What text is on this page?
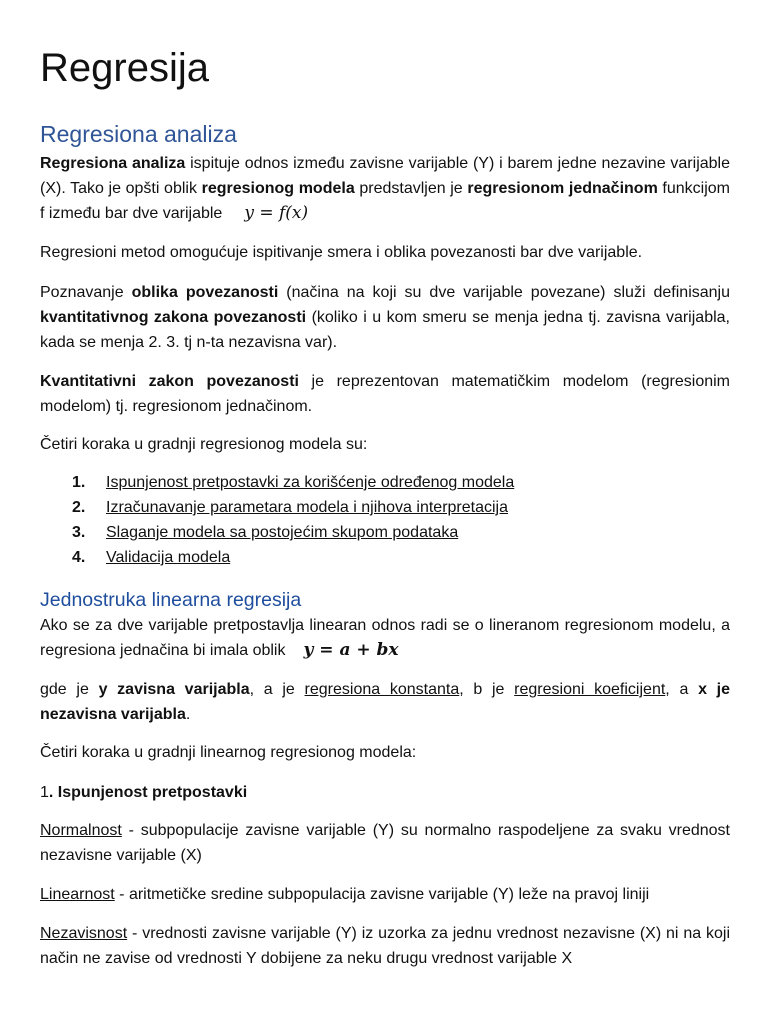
Regresija
Regresiona analiza

Regresiona analiza ispituje odnos između zavisne varijable (Y) i barem jedne nezavine varijable (X). Tako je opšti oblik regresionog modela predstavljen je regresionom jednačinom funkcijom f između bar dve varijable y = f(x)

Regresioni metod omogućuje ispitivanje smera i oblika povezanosti bar dve varijable.

Poznavanje oblika povezanosti (načina na koji su dve varijable povezane) služi definisanju kvantitativnog zakona povezanosti (koliko i u kom smeru se menja jedna tj. zavisna varijabla, kada se menja 2. 3. tj n-ta nezavisna var).

Kvantitativni zakon povezanosti je reprezentovan matematičkim modelom (regresionim modelom) tj. regresionom jednačinom.

Četiri koraka u gradnji regresionog modela su:

1. Ispunjenost pretpostavki za korišćenje određenog modela
2. Izračunavanje parametara modela i njihova interpretacija
3. Slaganje modela sa postojećim skupom podataka
4. Validacija modela
Jednostruka linearna regresija

Ako se za dve varijable pretpostavlja linearan odnos radi se o lineranom regresionom modelu, a regresiona jednačina bi imala oblik y = a + bx

gde je y zavisna varijabla, a je regresiona konstanta, b je regresioni koeficijent, a x je nezavisna varijabla.

Četiri koraka u gradnji linearnog regresionog modela:

1. Ispunjenost pretpostavki

Normalnost - subpopulacije zavisne varijable (Y) su normalno raspodeljene za svaku vrednost nezavisne varijable (X)

Linearnost - aritmetičke sredine subpopulacija zavisne varijable (Y) leže na pravoj liniji

Nezavisnost - vrednosti zavisne varijable (Y) iz uzorka za jednu vrednost nezavisne (X) ni na koji način ne zavise od vrednosti Y dobijene za neku drugu vrednost varijable X
